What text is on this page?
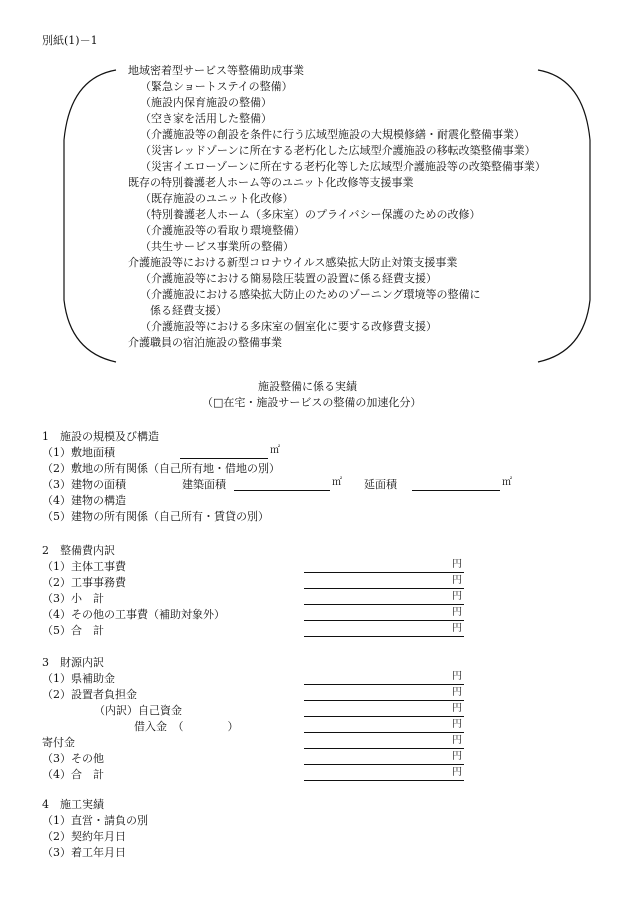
別紙(1)－1
地域密着型サービス等整備助成事業
（緊急ショートステイの整備）
（施設内保育施設の整備）
（空き家を活用した整備）
（介護施設等の創設を条件に行う広域型施設の大規模修繕・耐震化整備事業）
（災害レッドゾーンに所在する老朽化した広域型介護施設の移転改築整備事業）
（災害イエローゾーンに所在する老朽化等した広域型介護施設等の改築整備事業）
既存の特別養護老人ホーム等のユニット化改修等支援事業
（既存施設のユニット化改修）
（特別養護老人ホーム（多床室）のプライバシー保護のための改修）
（介護施設等の看取り環境整備）
（共生サービス事業所の整備）
介護施設等における新型コロナウイルス感染拡大防止対策支援事業
（介護施設等における簡易陰圧装置の設置に係る経費支援）
（介護施設における感染拡大防止のためのゾーニング環境等の整備に
係る経費支援）
（介護施設等における多床室の個室化に要する改修費支援）
介護職員の宿泊施設の整備事業
施設整備に係る実績
（□在宅・施設サービスの整備の加速化分）
1　施設の規模及び構造
（1）敷地面積	㎡
（2）敷地の所有関係（自己所有地・借地の別）
（3）建物の面積	建築面積	㎡ 延面積	㎡
（4）建物の構造
（5）建物の所有関係（自己所有・賃貸の別）
2　整備費内訳
（1）主体工事費	円
（2）工事事務費	円
（3）小　計	円
（4）その他の工事費（補助対象外）	円
（5）合　計	円
3　財源内訳
（1）県補助金	円
（2）設置者負担金	円
（内訳）自己資金	円
借入金　（　　　　）	円
寄付金	円
（3）その他	円
（4）合　計	円
4　施工実績
（1）直営・請負の別
（2）契約年月日
（3）着工年月日
